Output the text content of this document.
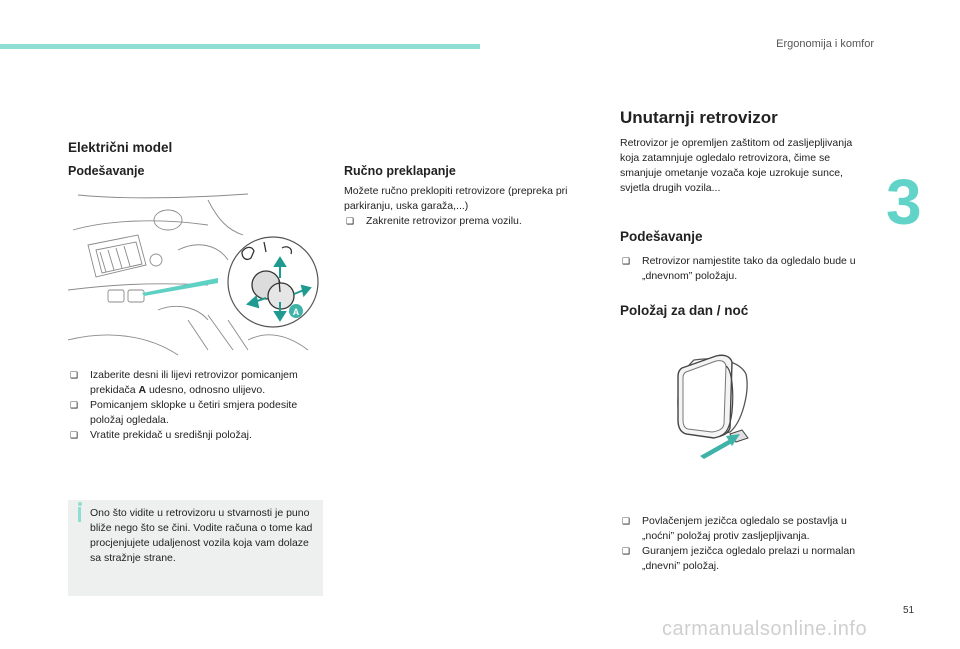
Ergonomija i komfor
3
Električni model
Podešavanje
A
❑ Izaberite desni ili lijevi retrovizor pomicanjem prekidača A udesno, odnosno ulijevo.
❑ Pomicanjem sklopke u četiri smjera podesite položaj ogledala.
❑ Vratite prekidač u središnji položaj.
Ono što vidite u retrovizoru u stvarnosti je puno bliže nego što se čini. Vodite računa o tome kad procjenjujete udaljenost vozila koja vam dolaze sa stražnje strane.
Ručno preklapanje

Možete ručno preklopiti retrovizore (prepreka pri parkiranju, uska garaža,...)

❑ Zakrenite retrovizor prema vozilu.
Unutarnji retrovizor

Retrovizor je opremljen zaštitom od zasljepljivanja koja zatamnjuje ogledalo retrovizora, čime se smanjuje ometanje vozača koje uzrokuje sunce, svjetla drugih vozila...

Podešavanje
❑ Retrovizor namjestite tako da ogledalo bude u „dnevnom” položaju.
Položaj za dan / noć
❑ Povlačenjem jezičca ogledalo se postavlja u „noćni” položaj protiv zasljepljivanja.
❑ Guranjem jezičca ogledalo prelazi u normalan „dnevni” položaj.
51
carmanualsonline.info
